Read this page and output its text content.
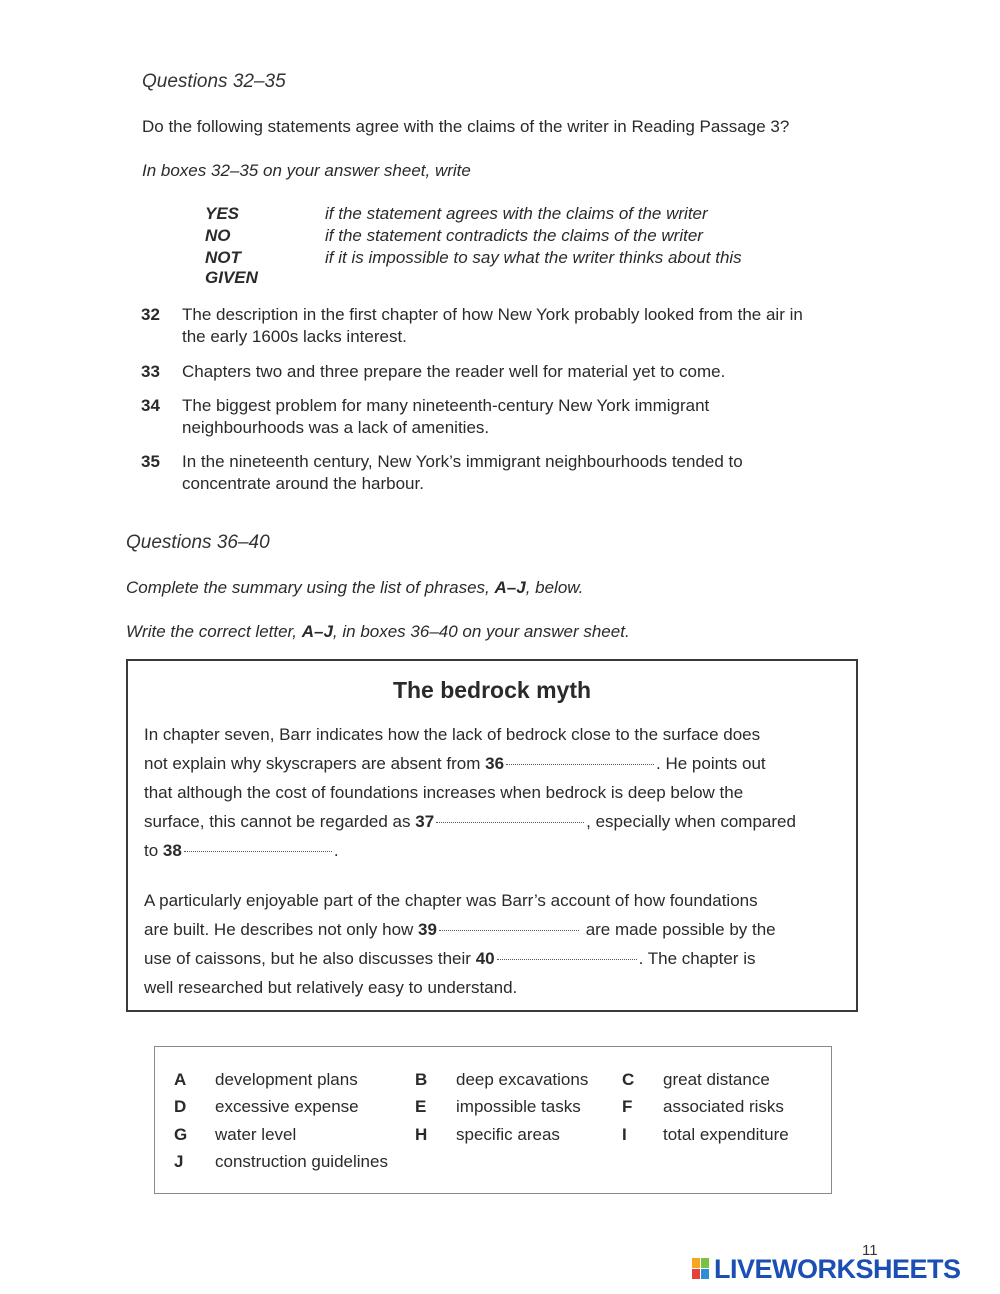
Questions 32–35
Do the following statements agree with the claims of the writer in Reading Passage 3?
In boxes 32–35 on your answer sheet, write
YES	if the statement agrees with the claims of the writer
NO	if the statement contradicts the claims of the writer
NOT GIVEN
if it is impossible to say what the writer thinks about this
32 The description in the first chapter of how New York probably looked from the air in
the early 1600s lacks interest.
33 Chapters two and three prepare the reader well for material yet to come.
34 The biggest problem for many nineteenth-century New York immigrant
neighbourhoods was a lack of amenities.
35 In the nineteenth century, New York’s immigrant neighbourhoods tended to
concentrate around the harbour.
Questions 36–40
Complete the summary using the list of phrases, A–J, below.
Write the correct letter, A–J, in boxes 36–40 on your answer sheet.
The bedrock myth
In chapter seven, Barr indicates how the lack of bedrock close to the surface does
not explain why skyscrapers are absent from 36	. He points out
that although the cost of foundations increases when bedrock is deep below the
surface, this cannot be regarded as 37	, especially when compared
to 38	.
A particularly enjoyable part of the chapter was Barr’s account of how foundations
are built. He describes not only how 39	are made possible by the
use of caissons, but he also discusses their 40	. The chapter is
well researched but relatively easy to understand.
A development plans	B deep excavations C great distance
D excessive expense	E impossible tasks F associated risks
G water level	H specific areas	I total expenditure
J construction guidelines
11
LIVEWORKSHEETS
